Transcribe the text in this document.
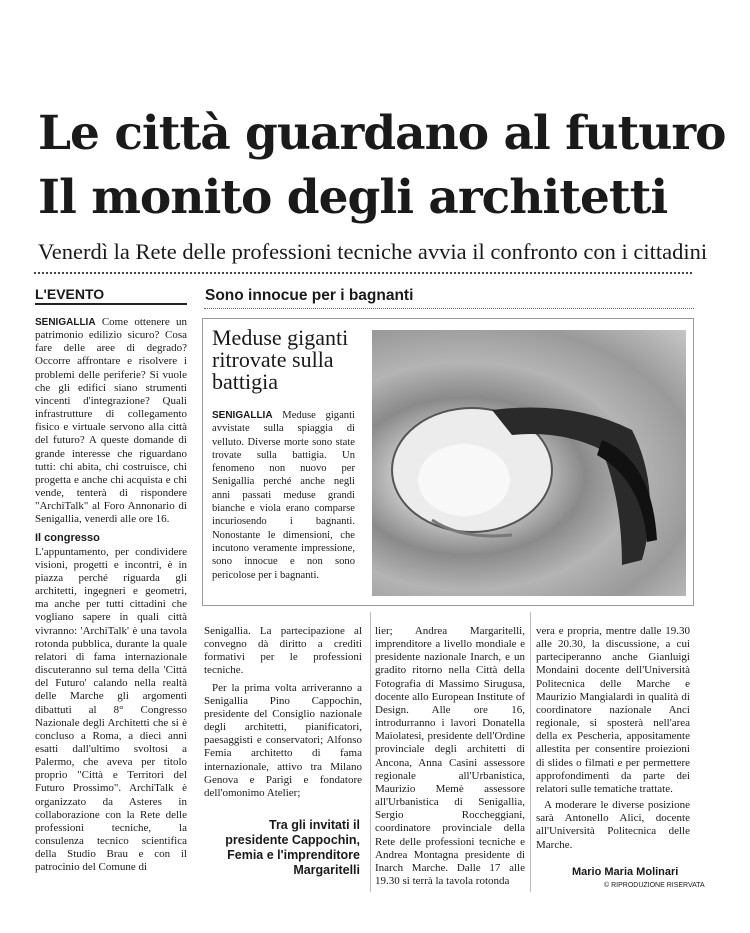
Le città guardano al futuro
Il monito degli architetti
Venerdì la Rete delle professioni tecniche avvia il confronto con i cittadini
L'EVENTO

SENIGALLIA Come ottenere un patrimonio edilizio sicuro? Cosa fare delle aree di degrado? Occorre affrontare e risolvere i problemi delle periferie? Si vuole che gli edifici siano strumenti vincenti d'integrazione? Quali infrastrutture di collegamento fisico e virtuale servono alla città del futuro? A queste domande di grande interesse che riguardano tutti: chi abita, chi costruisce, chi progetta e anche chi acquista e chi vende, tenterà di rispondere "ArchiTalk" al Foro Annonario di Senigallia, venerdì alle ore 16.

Il congresso

L'appuntamento, per condividere visioni, progetti e incontri, è in piazza perché riguarda gli architetti, ingegneri e geometri, ma anche per tutti cittadini che vogliano sapere in quali città vivranno: 'ArchiTalk' è una tavola rotonda pubblica, durante la quale relatori di fama internazionale discuteranno sul tema della 'Città del Futuro' calando nella realtà delle Marche gli argomenti dibattuti al 8° Congresso Nazionale degli Architetti che si è concluso a Roma, a dieci anni esatti dall'ultimo svoltosi a Palermo, che aveva per titolo proprio "Città e Territori del Futuro Prossimo". ArchiTalk è organizzato da Asteres in collaborazione con la Rete delle professioni tecniche, la consulenza tecnico scientifica della Studio Brau e con il patrocinio del Comune di

Sono innocue per i bagnanti
Meduse giganti ritrovate sulla battigia

SENIGALLIA Meduse giganti avvistate sulla spiaggia di velluto. Diverse morte sono state trovate sulla battigia. Un fenomeno non nuovo per Senigallia perché anche negli anni passati meduse grandi bianche e viola erano comparse incuriosendo i bagnanti. Nonostante le dimensioni, che incutono veramente impressione, sono innocue e non sono pericolose per i bagnanti.

Senigallia. La partecipazione al convegno dà diritto a crediti formativi per le professioni tecniche.

Per la prima volta arriveranno a Senigallia Pino Cappochin, presidente del Consiglio nazionale degli architetti, pianificatori, paesaggisti e conservatori; Alfonso Femia architetto di fama internazionale, attivo tra Milano Genova e Parigi e fondatore dell'omonimo Atelier;

Tra gli invitati il presidente Cappochin, Femia e l'imprenditore Margaritelli

lier; Andrea Margaritelli, imprenditore a livello mondiale e presidente nazionale Inarch, e un gradito ritorno nella Città della Fotografia di Massimo Sirugusa, docente allo European Institute of Design. Alle ore 16, introdurranno i lavori Donatella Maiolatesi, presidente dell'Ordine provinciale degli architetti di Ancona, Anna Casini assessore regionale all'Urbanistica, Maurizio Memè assessore all'Urbanistica di Senigallia, Sergio Roccheggiani, coordinatore provinciale della Rete delle professioni tecniche e Andrea Montagna presidente di Inarch Marche. Dalle 17 alle 19.30 si terrà la tavola rotonda

vera e propria, mentre dalle 19.30 alle 20.30, la discussione, a cui parteciperanno anche Gianluigi Mondaini docente dell'Università Politecnica delle Marche e Maurizio Mangialardi in qualità di coordinatore nazionale Anci regionale, si sposterà nell'area della ex Pescheria, appositamente allestita per consentire proiezioni di slides o filmati e per permettere approfondimenti da parte dei relatori sulle tematiche trattate.

A moderare le diverse posizione sarà Antonello Alici, docente all'Università Politecnica delle Marche.

Mario Maria Molinari
© RIPRODUZIONE RISERVATA
